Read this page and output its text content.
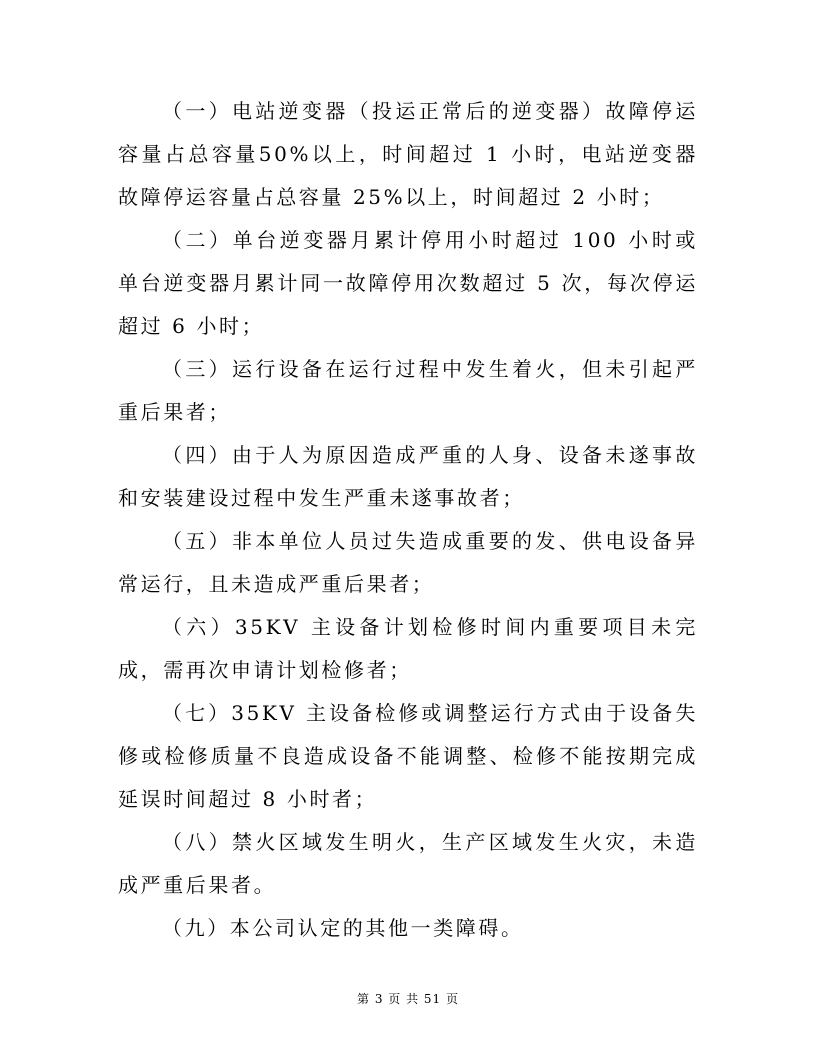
（一）电站逆变器（投运正常后的逆变器）故障停运容量占总容量50%以上，时间超过 1 小时，电站逆变器故障停运容量占总容量 25%以上，时间超过 2 小时；

（二）单台逆变器月累计停用小时超过 100 小时或单台逆变器月累计同一故障停用次数超过 5 次，每次停运超过 6 小时；

（三）运行设备在运行过程中发生着火，但未引起严重后果者；

（四）由于人为原因造成严重的人身、设备未遂事故和安装建设过程中发生严重未遂事故者；

（五）非本单位人员过失造成重要的发、供电设备异常运行，且未造成严重后果者；

（六）35KV 主设备计划检修时间内重要项目未完成，需再次申请计划检修者；

（七）35KV 主设备检修或调整运行方式由于设备失修或检修质量不良造成设备不能调整、检修不能按期完成延误时间超过 8 小时者；

（八）禁火区域发生明火，生产区域发生火灾，未造成严重后果者。

（九）本公司认定的其他一类障碍。

第 3 页 共 51 页
